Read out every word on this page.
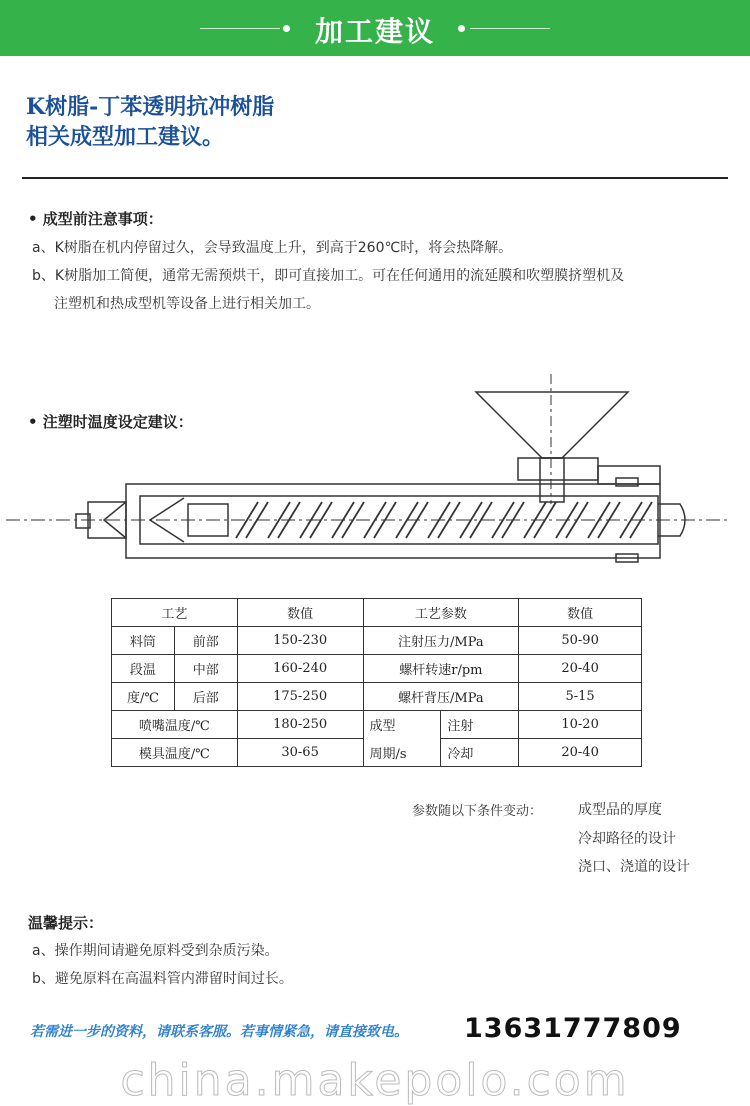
加工建议
K树脂-丁苯透明抗冲树脂
相关成型加工建议。
• 成型前注意事项：
a、K树脂在机内停留过久，会导致温度上升，到高于260℃时，将会热降解。
b、K树脂加工简便，通常无需预烘干，即可直接加工。可在任何通用的流延膜和吹塑膜挤塑机及
注塑机和热成型机等设备上进行相关加工。
• 注塑时温度设定建议：
工艺		数值	工艺参数		数值
料筒	前部	150-230	注射压力/MPa		50-90
段温	中部	160-240	螺杆转速r/pm		20-40
度/℃	后部	175-250	螺杆背压/MPa		5-15
喷嘴温度/℃		180-250	成型	注射	10-20
模具温度/℃		30-65	周期/s	冷却	20-40
参数随以下条件变动：	成型品的厚度
冷却路径的设计
浇口、浇道的设计
温馨提示：
a、操作期间请避免原料受到杂质污染。
b、避免原料在高温料管内滞留时间过长。
若需进一步的资料，请联系客服。若事情紧急，请直接致电。 13631777809
china.makepolo.com
